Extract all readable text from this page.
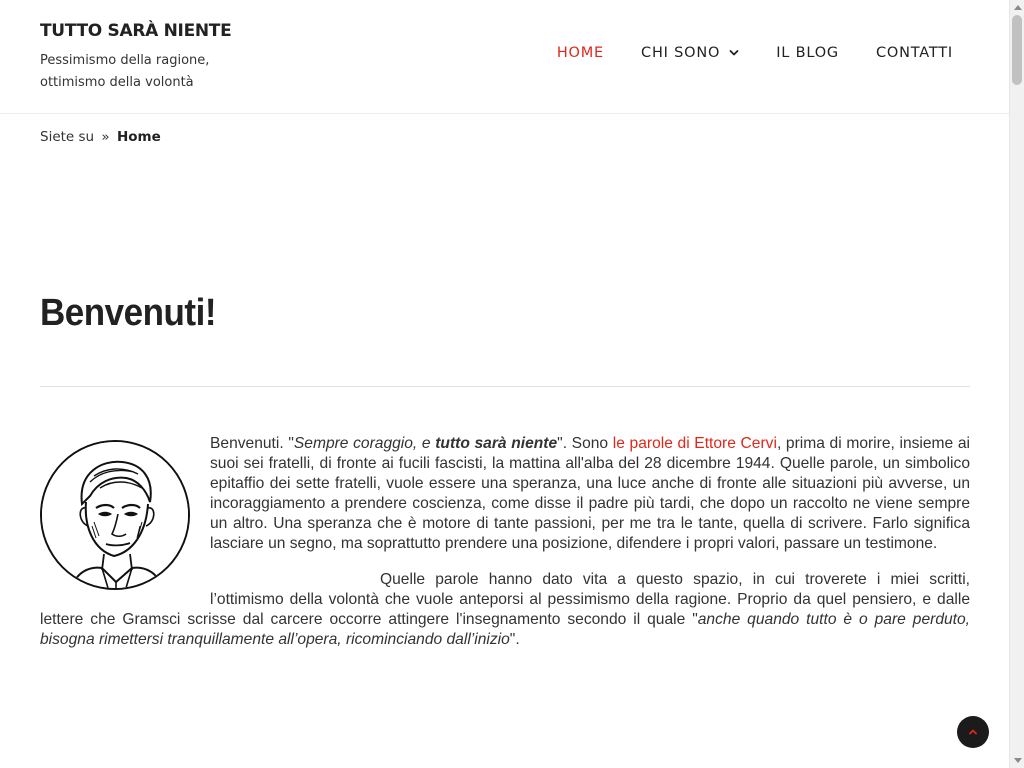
TUTTO SARÀ NIENTE
Pessimismo della ragione, ottimismo della volontà
HOME	CHI SONO	IL BLOG	CONTATTI
Siete su » Home
Benvenuti!

Benvenuti. "Sempre coraggio, e tutto sarà niente". Sono le parole di Ettore Cervi, prima di morire, insieme ai suoi sei fratelli, di fronte ai fucili fascisti, la mattina all'alba del 28 dicembre 1944. Quelle parole, un simbolico epitaffio dei sette fratelli, vuole essere una speranza, una luce anche di fronte alle situazioni più avverse, un incoraggiamento a prendere coscienza, come disse il padre più tardi, che dopo un raccolto ne viene sempre un altro. Una speranza che è motore di tante passioni, per me tra le tante, quella di scrivere. Farlo significa lasciare un segno, ma soprattutto prendere una posizione, difendere i propri valori, passare un testimone.

Quelle parole hanno dato vita a questo spazio, in cui troverete i miei scritti, l’ottimismo della volontà che vuole anteporsi al pessimismo della ragione. Proprio da quel pensiero, e dalle lettere che Gramsci scrisse dal carcere occorre attingere l'insegnamento secondo il quale "anche quando tutto è o pare perduto, bisogna rimettersi tranquillamente all’opera, ricominciando dall’inizio".
